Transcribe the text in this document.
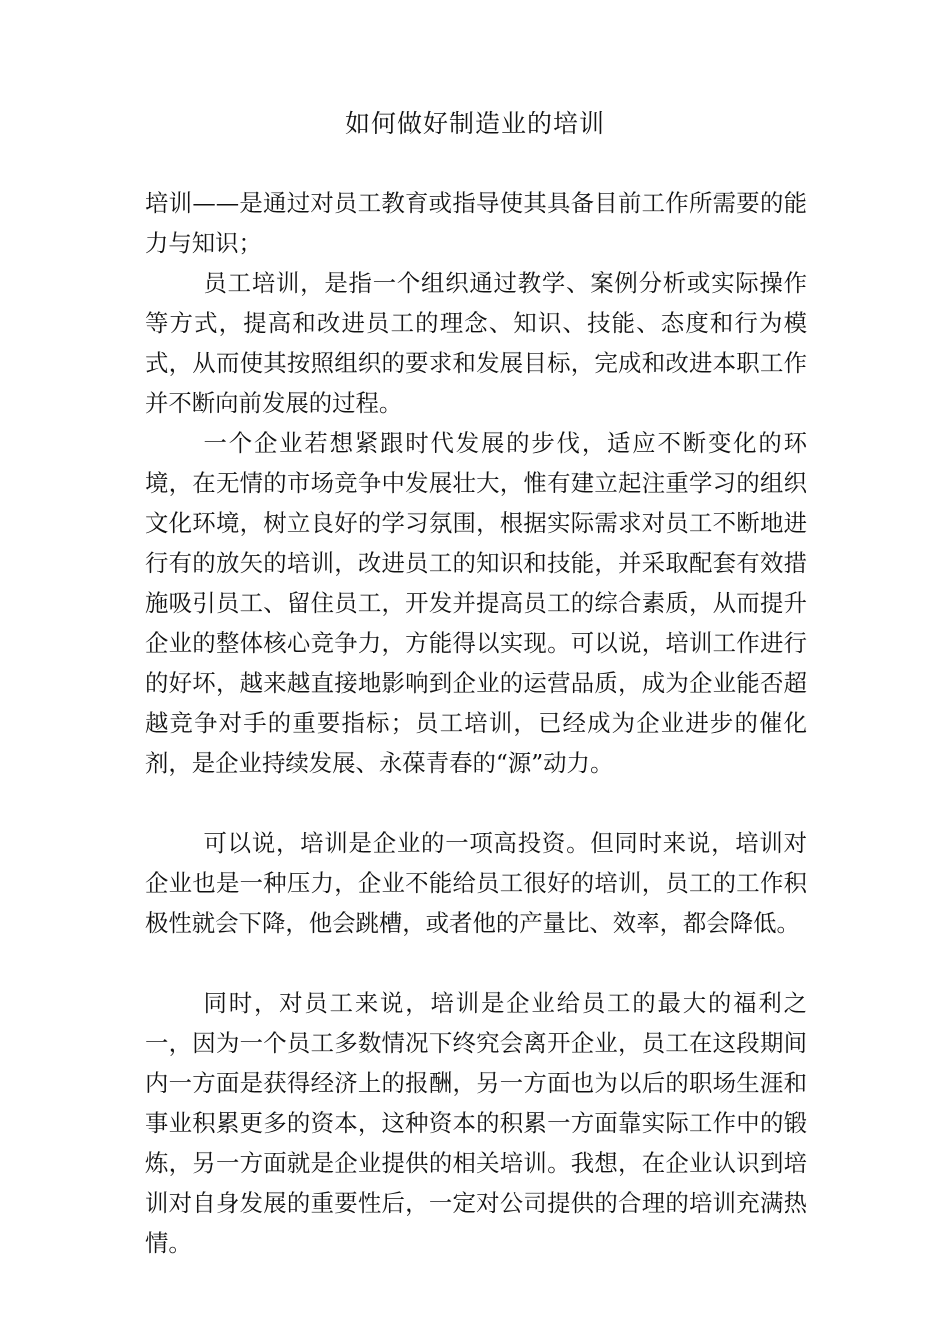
如何做好制造业的培训

培训——是通过对员工教育或指导使其具备目前工作所需要的能力与知识；

员工培训，是指一个组织通过教学、案例分析或实际操作等方式，提高和改进员工的理念、知识、技能、态度和行为模式，从而使其按照组织的要求和发展目标，完成和改进本职工作并不断向前发展的过程。

一个企业若想紧跟时代发展的步伐，适应不断变化的环境，在无情的市场竞争中发展壮大，惟有建立起注重学习的组织文化环境，树立良好的学习氛围，根据实际需求对员工不断地进行有的放矢的培训，改进员工的知识和技能，并采取配套有效措施吸引员工、留住员工，开发并提高员工的综合素质，从而提升企业的整体核心竞争力，方能得以实现。可以说，培训工作进行的好坏，越来越直接地影响到企业的运营品质，成为企业能否超越竞争对手的重要指标；员工培训，已经成为企业进步的催化剂，是企业持续发展、永葆青春的“源”动力。

可以说，培训是企业的一项高投资。但同时来说，培训对企业也是一种压力，企业不能给员工很好的培训，员工的工作积极性就会下降，他会跳槽，或者他的产量比、效率，都会降低。

同时，对员工来说，培训是企业给员工的最大的福利之一，因为一个员工多数情况下终究会离开企业，员工在这段期间内一方面是获得经济上的报酬，另一方面也为以后的职场生涯和事业积累更多的资本，这种资本的积累一方面靠实际工作中的锻炼，另一方面就是企业提供的相关培训。我想，在企业认识到培训对自身发展的重要性后，一定对公司提供的合理的培训充满热情。
